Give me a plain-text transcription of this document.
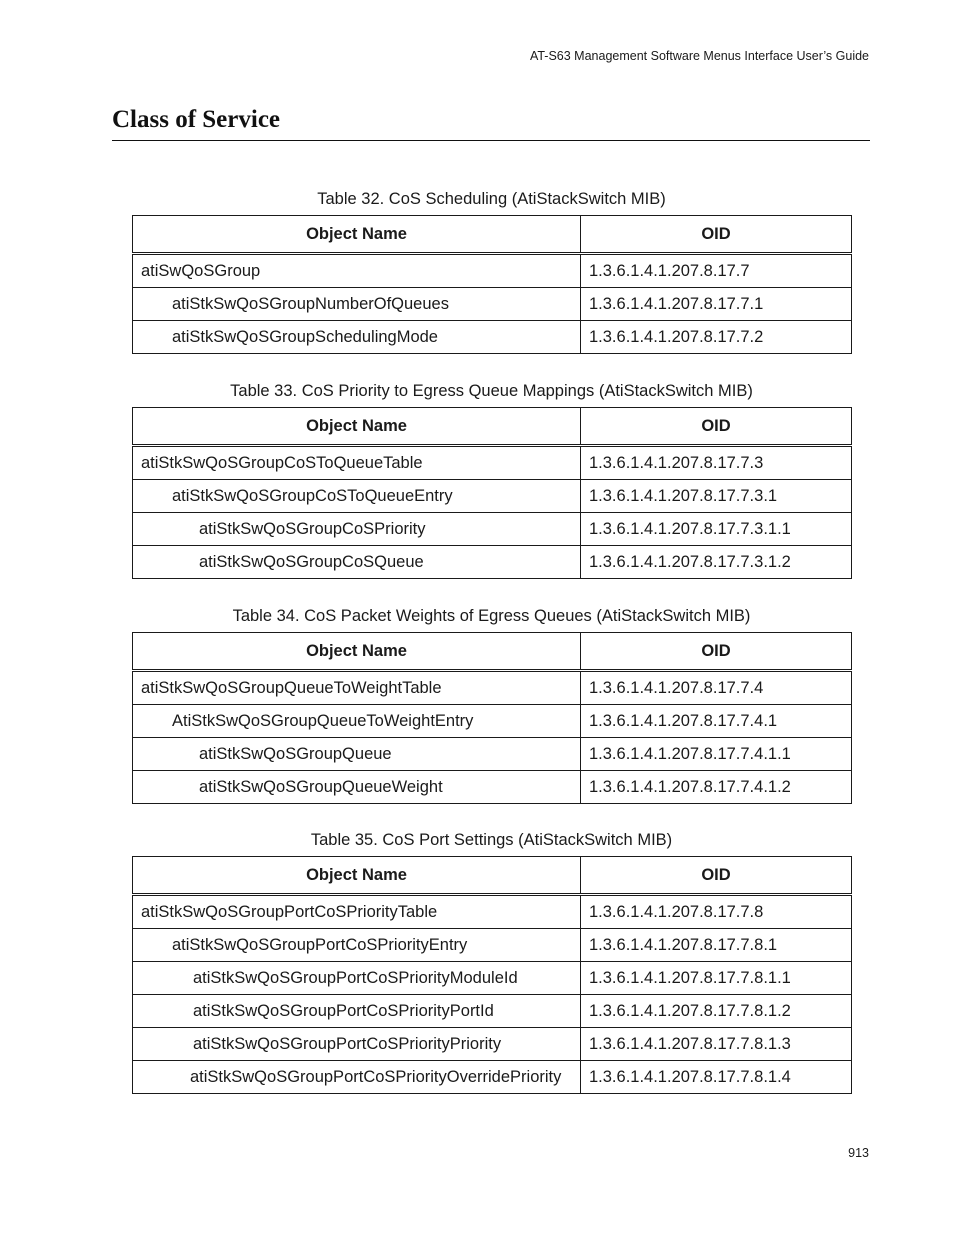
AT-S63 Management Software Menus Interface User’s Guide
Class of Service
Table 32. CoS Scheduling (AtiStackSwitch MIB)
Object Name	OID
atiSwQoSGroup	1.3.6.1.4.1.207.8.17.7
atiStkSwQoSGroupNumberOfQueues	1.3.6.1.4.1.207.8.17.7.1
atiStkSwQoSGroupSchedulingMode	1.3.6.1.4.1.207.8.17.7.2
Table 33. CoS Priority to Egress Queue Mappings (AtiStackSwitch MIB)
Object Name	OID
atiStkSwQoSGroupCoSToQueueTable	1.3.6.1.4.1.207.8.17.7.3
atiStkSwQoSGroupCoSToQueueEntry	1.3.6.1.4.1.207.8.17.7.3.1
atiStkSwQoSGroupCoSPriority	1.3.6.1.4.1.207.8.17.7.3.1.1
atiStkSwQoSGroupCoSQueue	1.3.6.1.4.1.207.8.17.7.3.1.2
Table 34. CoS Packet Weights of Egress Queues (AtiStackSwitch MIB)
Object Name	OID
atiStkSwQoSGroupQueueToWeightTable	1.3.6.1.4.1.207.8.17.7.4
AtiStkSwQoSGroupQueueToWeightEntry	1.3.6.1.4.1.207.8.17.7.4.1
atiStkSwQoSGroupQueue	1.3.6.1.4.1.207.8.17.7.4.1.1
atiStkSwQoSGroupQueueWeight	1.3.6.1.4.1.207.8.17.7.4.1.2
Table 35. CoS Port Settings (AtiStackSwitch MIB)
Object Name	OID
atiStkSwQoSGroupPortCoSPriorityTable	1.3.6.1.4.1.207.8.17.7.8
atiStkSwQoSGroupPortCoSPriorityEntry	1.3.6.1.4.1.207.8.17.7.8.1
atiStkSwQoSGroupPortCoSPriorityModuleId	1.3.6.1.4.1.207.8.17.7.8.1.1
atiStkSwQoSGroupPortCoSPriorityPortId	1.3.6.1.4.1.207.8.17.7.8.1.2
atiStkSwQoSGroupPortCoSPriorityPriority	1.3.6.1.4.1.207.8.17.7.8.1.3
atiStkSwQoSGroupPortCoSPriorityOverridePriority	1.3.6.1.4.1.207.8.17.7.8.1.4
913
